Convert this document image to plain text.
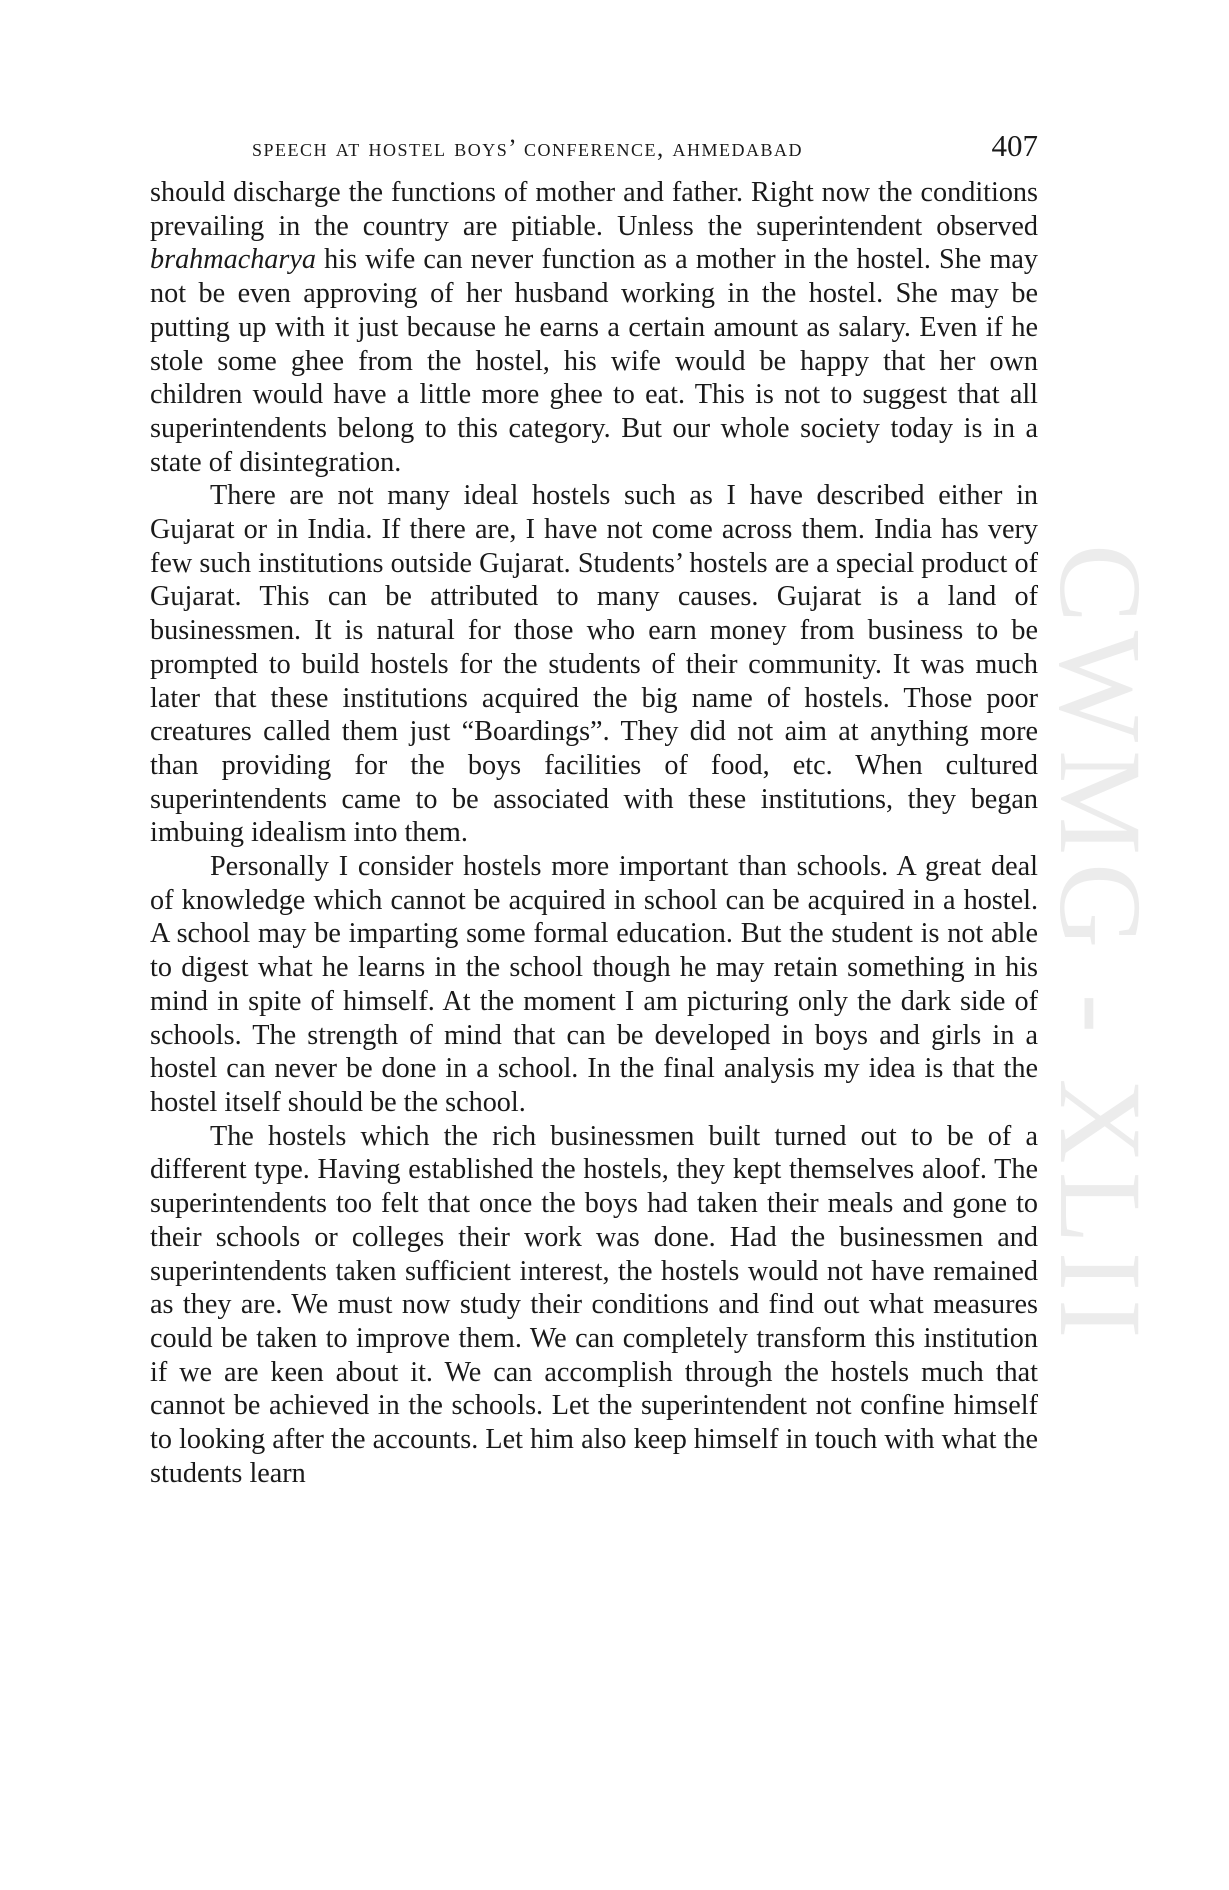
CWMG - XLII
speech at hostel boys’ conference, ahmedabad	407

should discharge the functions of mother and father. Right now the conditions prevailing in the country are pitiable. Unless the superintendent observed brahmacharya his wife can never function as a mother in the hostel. She may not be even approving of her husband working in the hostel. She may be putting up with it just because he earns a certain amount as salary. Even if he stole some ghee from the hostel, his wife would be happy that her own children would have a little more ghee to eat. This is not to suggest that all superintendents belong to this category. But our whole society today is in a state of disintegration.

There are not many ideal hostels such as I have described either in Gujarat or in India. If there are, I have not come across them. India has very few such institutions outside Gujarat. Students’ hostels are a special product of Gujarat. This can be attributed to many causes. Gujarat is a land of businessmen. It is natural for those who earn money from business to be prompted to build hostels for the students of their community. It was much later that these institutions acquired the big name of hostels. Those poor creatures called them just “Boardings”. They did not aim at anything more than providing for the boys facilities of food, etc. When cultured superintendents came to be associated with these institutions, they began imbuing idealism into them.

Personally I consider hostels more important than schools. A great deal of knowledge which cannot be acquired in school can be acquired in a hostel. A school may be imparting some formal education. But the student is not able to digest what he learns in the school though he may retain something in his mind in spite of himself. At the moment I am picturing only the dark side of schools. The strength of mind that can be developed in boys and girls in a hostel can never be done in a school. In the final analysis my idea is that the hostel itself should be the school.

The hostels which the rich businessmen built turned out to be of a different type. Having established the hostels, they kept themselves aloof. The superintendents too felt that once the boys had taken their meals and gone to their schools or colleges their work was done. Had the businessmen and superintendents taken sufficient interest, the hostels would not have remained as they are. We must now study their conditions and find out what measures could be taken to improve them. We can completely transform this institution if we are keen about it. We can accomplish through the hostels much that cannot be achieved in the schools. Let the superintendent not confine himself to looking after the accounts. Let him also keep himself in touch with what the students learn
